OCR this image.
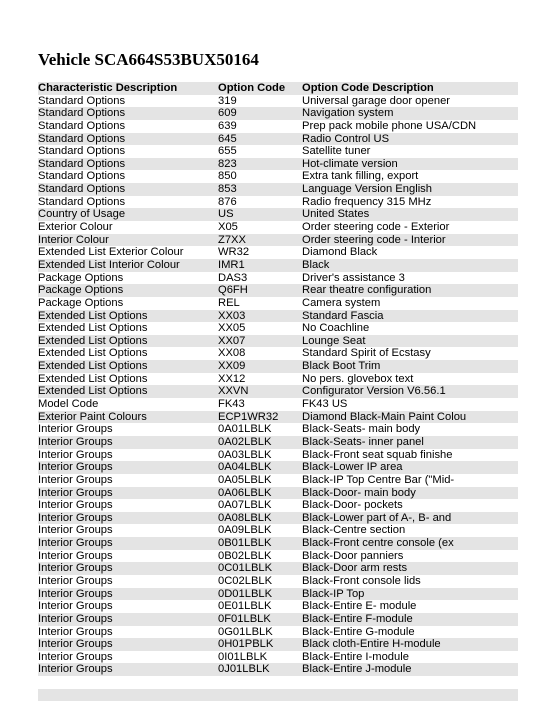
Vehicle SCA664S53BUX50164
Characteristic Description	Option Code	Option Code Description
Standard Options	319	Universal garage door opener
Standard Options	609	Navigation system
Standard Options	639	Prep pack mobile phone USA/CDN
Standard Options	645	Radio Control US
Standard Options	655	Satellite tuner
Standard Options	823	Hot-climate version
Standard Options	850	Extra tank filling, export
Standard Options	853	Language Version English
Standard Options	876	Radio frequency 315 MHz
Country of Usage	US	United States
Exterior Colour	X05	Order steering code - Exterior
Interior Colour	Z7XX	Order steering code - Interior
Extended List Exterior Colour	WR32	Diamond Black
Extended List Interior Colour	IMR1	Black
Package Options	DAS3	Driver's assistance 3
Package Options	Q6FH	Rear theatre configuration
Package Options	REL	Camera system
Extended List Options	XX03	Standard Fascia
Extended List Options	XX05	No Coachline
Extended List Options	XX07	Lounge Seat
Extended List Options	XX08	Standard Spirit of Ecstasy
Extended List Options	XX09	Black Boot Trim
Extended List Options	XX12	No pers. glovebox text
Extended List Options	XXVN	Configurator Version V6.56.1
Model Code	FK43	FK43 US
Exterior Paint Colours	ECP1WR32	Diamond Black-Main Paint Colou
Interior Groups	0A01LBLK	Black-Seats- main body
Interior Groups	0A02LBLK	Black-Seats- inner panel
Interior Groups	0A03LBLK	Black-Front seat squab finishe
Interior Groups	0A04LBLK	Black-Lower IP area
Interior Groups	0A05LBLK	Black-IP Top Centre Bar ("Mid-
Interior Groups	0A06LBLK	Black-Door- main body
Interior Groups	0A07LBLK	Black-Door- pockets
Interior Groups	0A08LBLK	Black-Lower part of A-, B- and
Interior Groups	0A09LBLK	Black-Centre section
Interior Groups	0B01LBLK	Black-Front centre console (ex
Interior Groups	0B02LBLK	Black-Door panniers
Interior Groups	0C01LBLK	Black-Door arm rests
Interior Groups	0C02LBLK	Black-Front console lids
Interior Groups	0D01LBLK	Black-IP Top
Interior Groups	0E01LBLK	Black-Entire E- module
Interior Groups	0F01LBLK	Black-Entire F-module
Interior Groups	0G01LBLK	Black-Entire G-module
Interior Groups	0H01PBLK	Black cloth-Entire H-module
Interior Groups	0I01LBLK	Black-Entire I-module
Interior Groups	0J01LBLK	Black-Entire J-module
